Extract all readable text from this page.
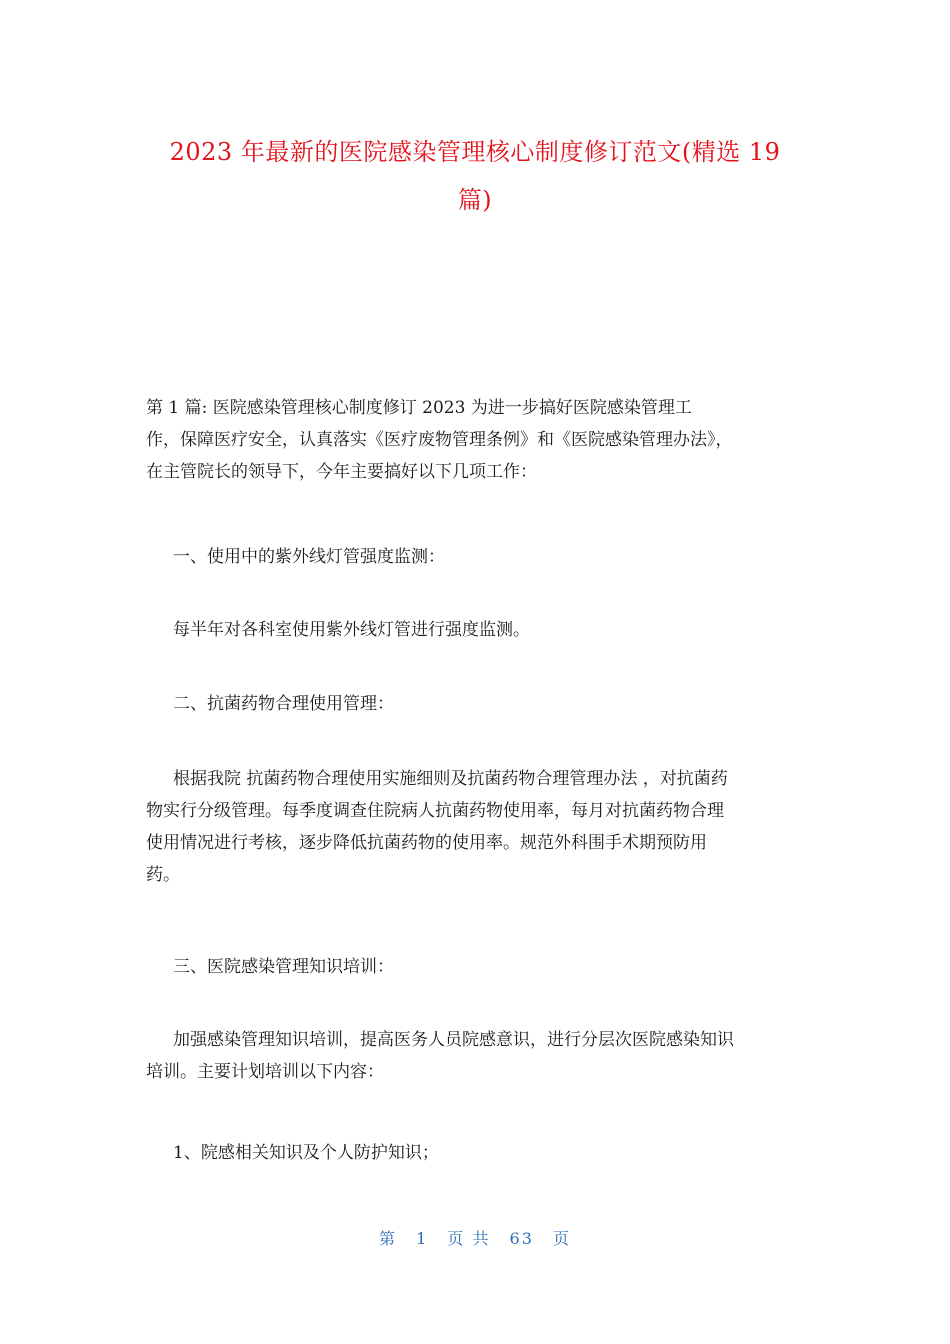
2023 年最新的医院感染管理核心制度修订范文(精选 19
篇)
第 1 篇: 医院感染管理核心制度修订 2023 为进一步搞好医院感染管理工
作，保障医疗安全，认真落实《医疗废物管理条例》和《医院感染管理办法》，
在主管院长的领导下，今年主要搞好以下几项工作：
一、使用中的紫外线灯管强度监测：
每半年对各科室使用紫外线灯管进行强度监测。
二、抗菌药物合理使用管理：
根据我院 抗菌药物合理使用实施细则及抗菌药物合理管理办法 ，对抗菌药
物实行分级管理。每季度调查住院病人抗菌药物使用率，每月对抗菌药物合理
使用情况进行考核，逐步降低抗菌药物的使用率。规范外科围手术期预防用
药。
三、医院感染管理知识培训：
加强感染管理知识培训，提高医务人员院感意识，进行分层次医院感染知识
培训。主要计划培训以下内容：
1、院感相关知识及个人防护知识；
第 1 页 共 63 页
